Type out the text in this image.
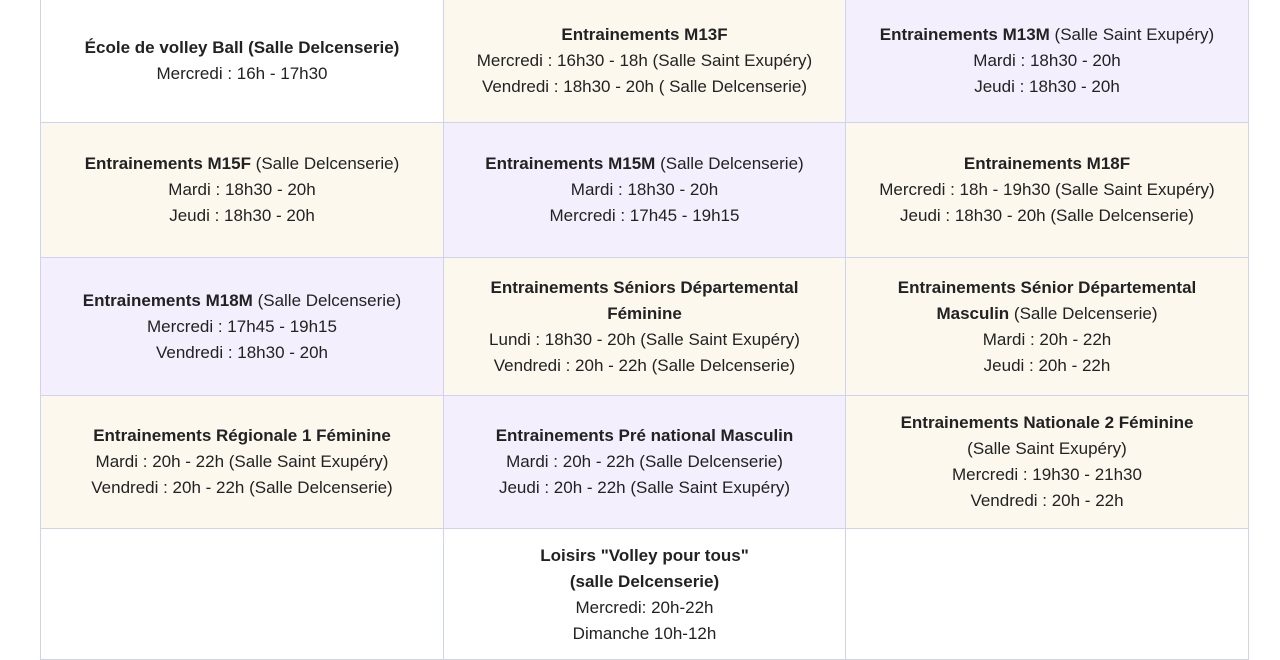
École de volley Ball (Salle Delcenserie)
Mercredi : 16h - 17h30
Entrainements M13F
Mercredi : 16h30 - 18h (Salle Saint Exupéry)
Vendredi : 18h30 - 20h ( Salle Delcenserie)
Entrainements M13M (Salle Saint Exupéry)
Mardi : 18h30 - 20h
Jeudi : 18h30 - 20h
Entrainements M15F (Salle Delcenserie)
Mardi : 18h30 - 20h
Jeudi : 18h30 - 20h
Entrainements M15M (Salle Delcenserie)
Mardi : 18h30 - 20h
Mercredi : 17h45 - 19h15
Entrainements M18F
Mercredi : 18h - 19h30 (Salle Saint Exupéry)
Jeudi : 18h30 - 20h (Salle Delcenserie)
Entrainements M18M (Salle Delcenserie)
Mercredi : 17h45 - 19h15
Vendredi : 18h30 - 20h
Entrainements Séniors Départemental Féminine
Lundi : 18h30 - 20h (Salle Saint Exupéry)
Vendredi : 20h - 22h (Salle Delcenserie)
Entrainements Sénior Départemental Masculin (Salle Delcenserie)
Mardi : 20h - 22h
Jeudi : 20h - 22h
Entrainements Régionale 1 Féminine
Mardi : 20h - 22h (Salle Saint Exupéry)
Vendredi : 20h - 22h (Salle Delcenserie)
Entrainements Pré national Masculin
Mardi : 20h - 22h (Salle Delcenserie)
Jeudi : 20h - 22h (Salle Saint Exupéry)
Entrainements Nationale 2 Féminine
(Salle Saint Exupéry)
Mercredi : 19h30 - 21h30
Vendredi : 20h - 22h
Loisirs "Volley pour tous" (salle Delcenserie)
Mercredi: 20h-22h
Dimanche 10h-12h
